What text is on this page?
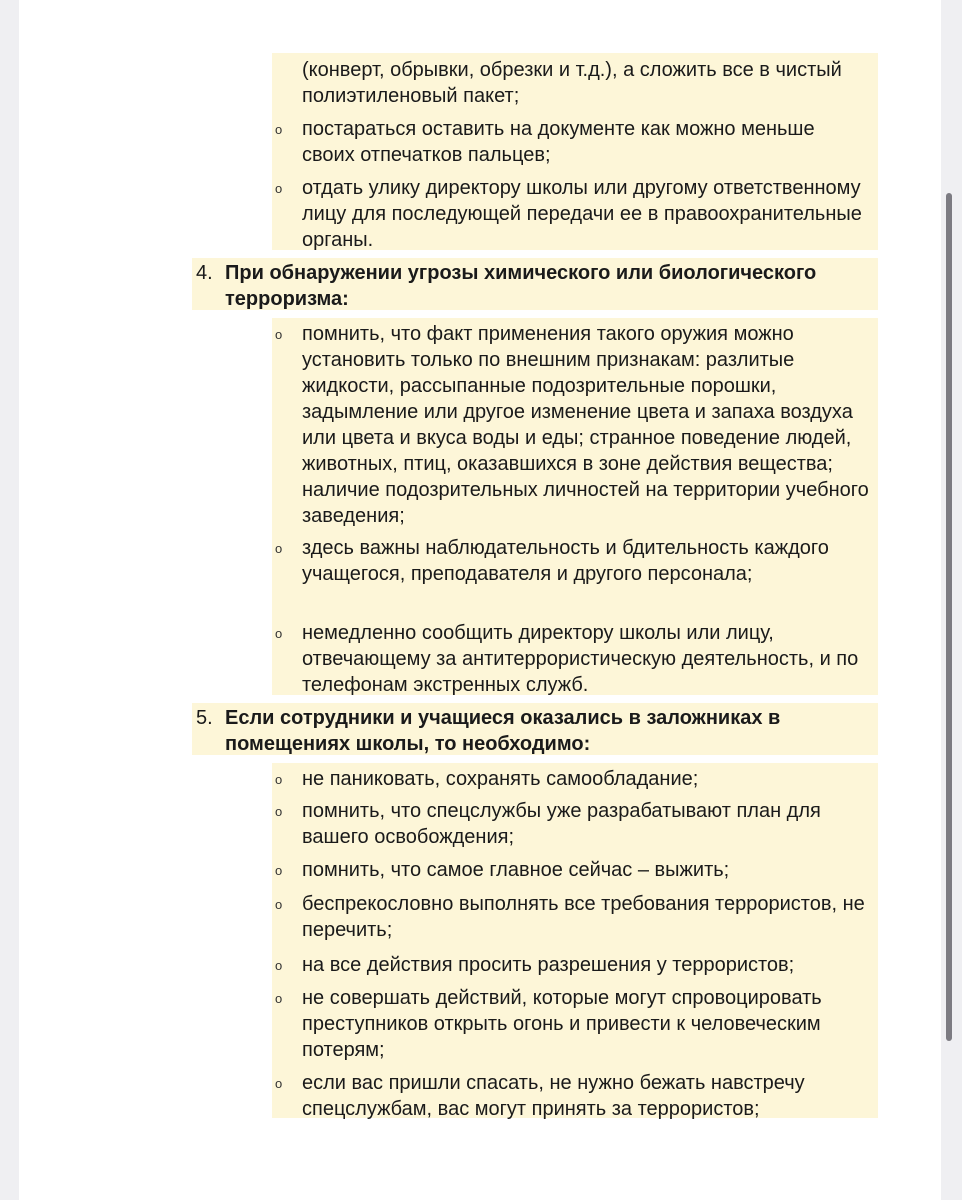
(конверт, обрывки, обрезки и т.д.), а сложить все в чистый полиэтиленовый пакет;
o постараться оставить на документе как можно меньше своих отпечатков пальцев;
o отдать улику директору школы или другому ответственному лицу для последующей передачи ее в правоохранительные органы.
4. При обнаружении угрозы химического или биологического терроризма:
o помнить, что факт применения такого оружия можно установить только по внешним признакам: разлитые жидкости, рассыпанные подозрительные порошки, задымление или другое изменение цвета и запаха воздуха или цвета и вкуса воды и еды; странное поведение людей, животных, птиц, оказавшихся в зоне действия вещества; наличие подозрительных личностей на территории учебного заведения;
o здесь важны наблюдательность и бдительность каждого учащегося, преподавателя и другого персонала;
o немедленно сообщить директору школы или лицу, отвечающему за антитеррористическую деятельность, и по телефонам экстренных служб.
5. Если сотрудники и учащиеся оказались в заложниках в помещениях школы, то необходимо:
o не паниковать, сохранять самообладание;
o помнить, что спецслужбы уже разрабатывают план для вашего освобождения;
o помнить, что самое главное сейчас – выжить;
o беспрекословно выполнять все требования террористов, не перечить;
o на все действия просить разрешения у террористов;
o не совершать действий, которые могут спровоцировать преступников открыть огонь и привести к человеческим потерям;
o если вас пришли спасать, не нужно бежать навстречу спецслужбам, вас могут принять за террористов;
